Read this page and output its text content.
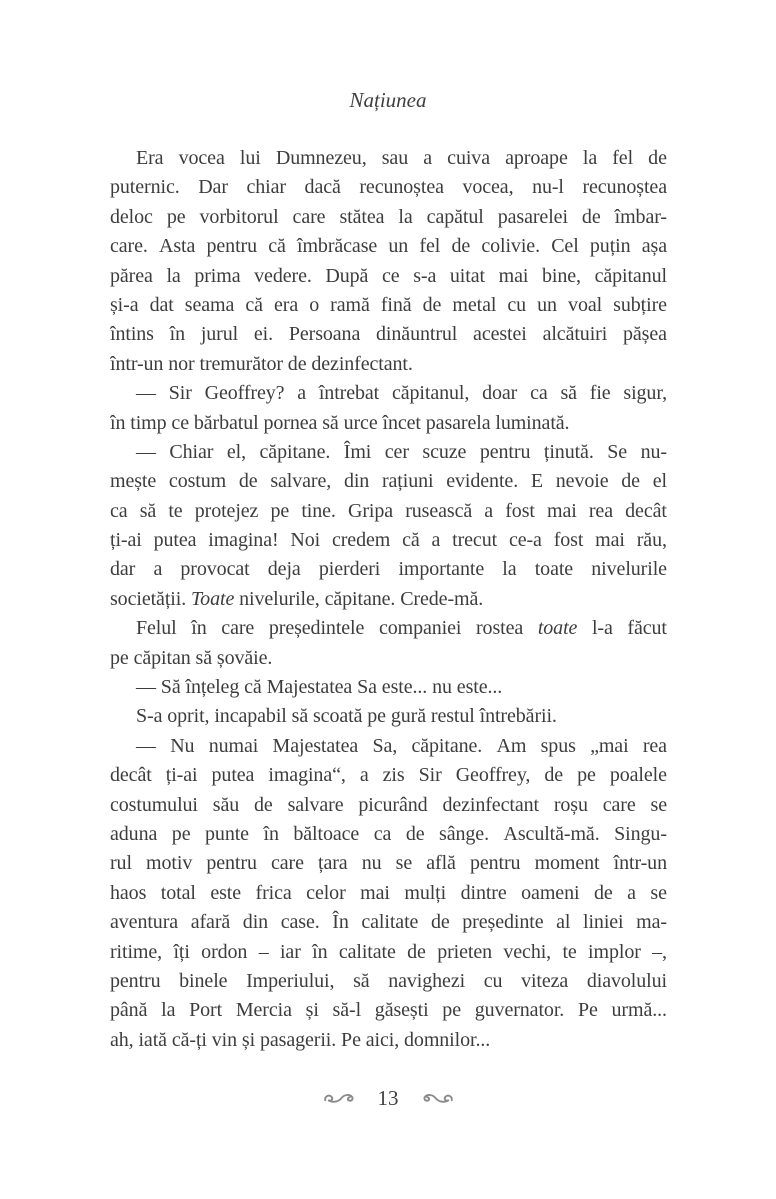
Națiunea
Era vocea lui Dumnezeu, sau a cuiva aproape la fel de
puternic. Dar chiar dacă recunoștea vocea, nu-l recunoștea
deloc pe vorbitorul care stătea la capătul pasarelei de îmbar-
care. Asta pentru că îmbrăcase un fel de colivie. Cel puțin așa
părea la prima vedere. După ce s-a uitat mai bine, căpitanul
și-a dat seama că era o ramă fină de metal cu un voal subțire
întins în jurul ei. Persoana dinăuntrul acestei alcătuiri pășea
într-un nor tremurător de dezinfectant.
— Sir Geoffrey? a întrebat căpitanul, doar ca să fie sigur,
în timp ce bărbatul pornea să urce încet pasarela luminată.
— Chiar el, căpitane. Îmi cer scuze pentru ținută. Se nu-
mește costum de salvare, din rațiuni evidente. E nevoie de el
ca să te protejez pe tine. Gripa rusească a fost mai rea decât
ți-ai putea imagina! Noi credem că a trecut ce-a fost mai rău,
dar a provocat deja pierderi importante la toate nivelurile
societății. Toate nivelurile, căpitane. Crede-mă.
Felul în care președintele companiei rostea toate l-a făcut
pe căpitan să șovăie.
— Să înțeleg că Majestatea Sa este... nu este...
S-a oprit, incapabil să scoată pe gură restul întrebării.
— Nu numai Majestatea Sa, căpitane. Am spus „mai rea
decât ți-ai putea imagina“, a zis Sir Geoffrey, de pe poalele
costumului său de salvare picurând dezinfectant roșu care se
aduna pe punte în băltoace ca de sânge. Ascultă-mă. Singu-
rul motiv pentru care țara nu se află pentru moment într-un
haos total este frica celor mai mulți dintre oameni de a se
aventura afară din case. În calitate de președinte al liniei ma-
ritime, îți ordon – iar în calitate de prieten vechi, te implor –,
pentru binele Imperiului, să navighezi cu viteza diavolului
până la Port Mercia și să-l găsești pe guvernator. Pe urmă...
ah, iată că-ți vin și pasagerii. Pe aici, domnilor...
13
